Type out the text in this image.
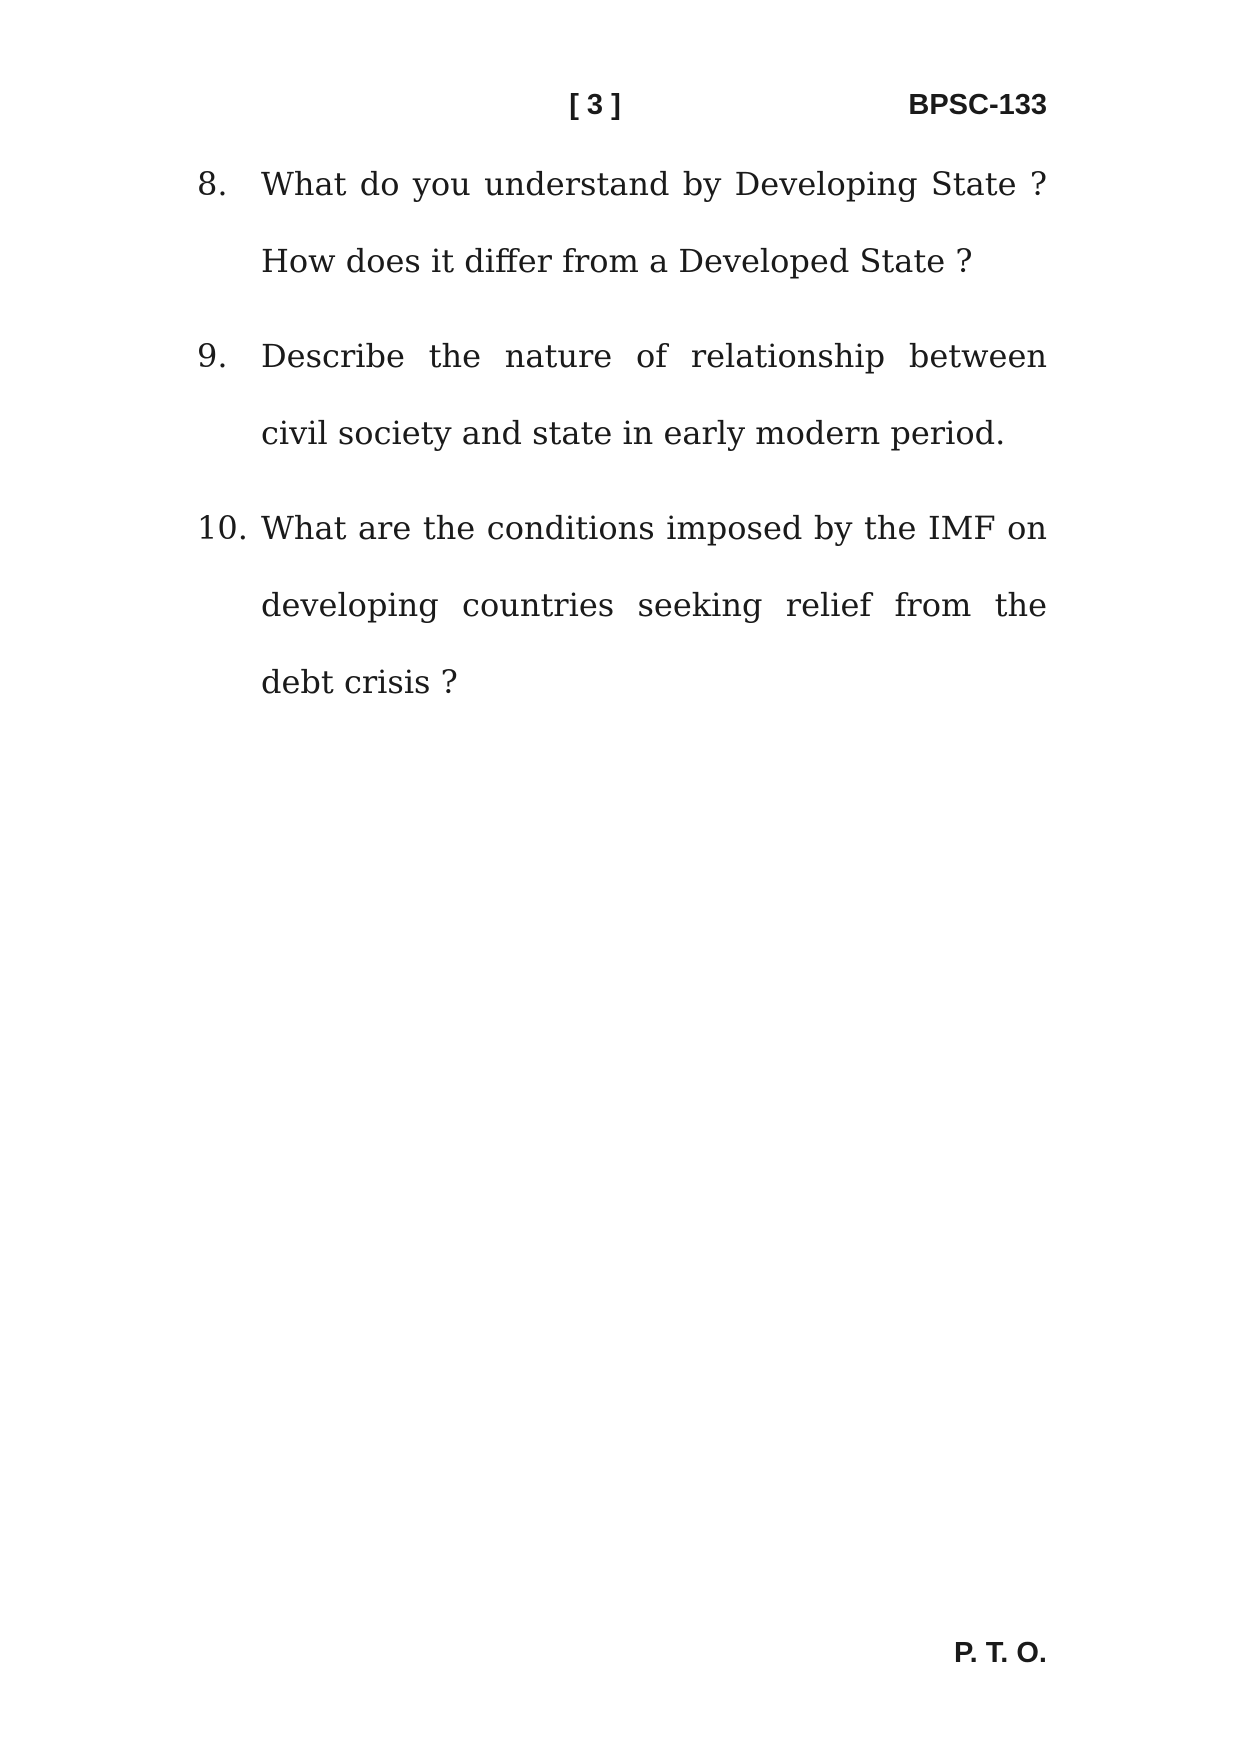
[ 3 ]	BPSC-133
8.	What do you understand by Developing State ? How does it differ from a Developed State ?
9.	Describe the nature of relationship between civil society and state in early modern period.
10. What are the conditions imposed by the IMF on developing countries seeking relief from the debt crisis ?
P. T. O.
